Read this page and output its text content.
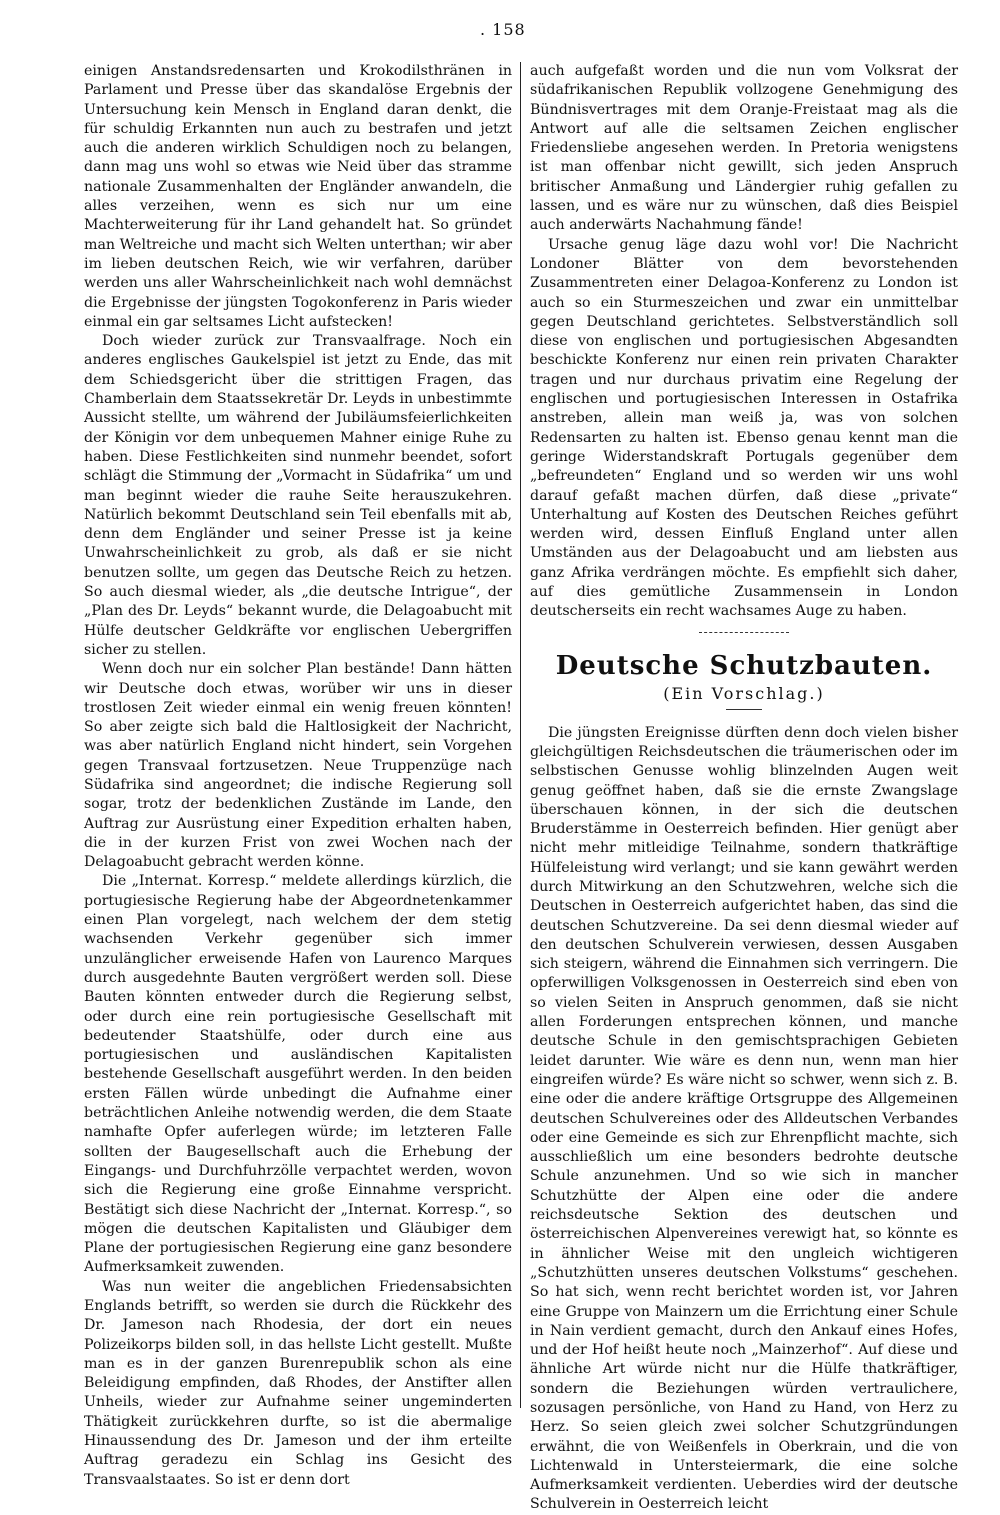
. 158

einigen Anstandsredensarten und Krokodilsthränen in Parlament und Presse über das skandalöse Ergebnis der Untersuchung kein Mensch in England daran denkt, die für schuldig Erkannten nun auch zu bestrafen und jetzt auch die anderen wirklich Schuldigen noch zu belangen, dann mag uns wohl so etwas wie Neid über das stramme nationale Zusammenhalten der Engländer anwandeln, die alles verzeihen, wenn es sich nur um eine Machterweiterung für ihr Land gehandelt hat. So gründet man Weltreiche und macht sich Welten unterthan; wir aber im lieben deutschen Reich, wie wir verfahren, darüber werden uns aller Wahrscheinlichkeit nach wohl demnächst die Ergebnisse der jüngsten Togokonferenz in Paris wieder einmal ein gar seltsames Licht aufstecken!

Doch wieder zurück zur Transvaalfrage. Noch ein anderes englisches Gaukelspiel ist jetzt zu Ende, das mit dem Schiedsgericht über die strittigen Fragen, das Chamberlain dem Staatssekretär Dr. Leyds in unbestimmte Aussicht stellte, um während der Jubiläumsfeierlichkeiten der Königin vor dem unbequemen Mahner einige Ruhe zu haben. Diese Festlichkeiten sind nunmehr beendet, sofort schlägt die Stimmung der „Vormacht in Südafrika“ um und man beginnt wieder die rauhe Seite herauszukehren. Natürlich bekommt Deutschland sein Teil ebenfalls mit ab, denn dem Engländer und seiner Presse ist ja keine Unwahrscheinlichkeit zu grob, als daß er sie nicht benutzen sollte, um gegen das Deutsche Reich zu hetzen. So auch diesmal wieder, als „die deutsche Intrigue“, der „Plan des Dr. Leyds“ bekannt wurde, die Delagoabucht mit Hülfe deutscher Geldkräfte vor englischen Uebergriffen sicher zu stellen.

Wenn doch nur ein solcher Plan bestände! Dann hätten wir Deutsche doch etwas, worüber wir uns in dieser trostlosen Zeit wieder einmal ein wenig freuen könnten! So aber zeigte sich bald die Haltlosigkeit der Nachricht, was aber natürlich England nicht hindert, sein Vorgehen gegen Transvaal fortzusetzen. Neue Truppenzüge nach Südafrika sind angeordnet; die indische Regierung soll sogar, trotz der bedenklichen Zustände im Lande, den Auftrag zur Ausrüstung einer Expedition erhalten haben, die in der kurzen Frist von zwei Wochen nach der Delagoabucht gebracht werden könne.

Die „Internat. Korresp.“ meldete allerdings kürzlich, die portugiesische Regierung habe der Abgeordnetenkammer einen Plan vorgelegt, nach welchem der dem stetig wachsenden Verkehr gegenüber sich immer unzulänglicher erweisende Hafen von Laurenco Marques durch ausgedehnte Bauten vergrößert werden soll. Diese Bauten könnten entweder durch die Regierung selbst, oder durch eine rein portugiesische Gesellschaft mit bedeutender Staatshülfe, oder durch eine aus portugiesischen und ausländischen Kapitalisten bestehende Gesellschaft ausgeführt werden. In den beiden ersten Fällen würde unbedingt die Aufnahme einer beträchtlichen Anleihe notwendig werden, die dem Staate namhafte Opfer auferlegen würde; im letzteren Falle sollten der Baugesellschaft auch die Erhebung der Eingangs- und Durchfuhrzölle verpachtet werden, wovon sich die Regierung eine große Einnahme verspricht. Bestätigt sich diese Nachricht der „Internat. Korresp.“, so mögen die deutschen Kapitalisten und Gläubiger dem Plane der portugiesischen Regierung eine ganz besondere Aufmerksamkeit zuwenden.

Was nun weiter die angeblichen Friedensabsichten Englands betrifft, so werden sie durch die Rückkehr des Dr. Jameson nach Rhodesia, der dort ein neues Polizeikorps bilden soll, in das hellste Licht gestellt. Mußte man es in der ganzen Burenrepublik schon als eine Beleidigung empfinden, daß Rhodes, der Anstifter allen Unheils, wieder zur Aufnahme seiner ungeminderten Thätigkeit zurückkehren durfte, so ist die abermalige Hinaussendung des Dr. Jameson und der ihm erteilte Auftrag geradezu ein Schlag ins Gesicht des Transvaalstaates. So ist er denn dort

auch aufgefaßt worden und die nun vom Volksrat der südafrikanischen Republik vollzogene Genehmigung des Bündnisvertrages mit dem Oranje-Freistaat mag als die Antwort auf alle die seltsamen Zeichen englischer Friedensliebe angesehen werden. In Pretoria wenigstens ist man offenbar nicht gewillt, sich jeden Anspruch britischer Anmaßung und Ländergier ruhig gefallen zu lassen, und es wäre nur zu wünschen, daß dies Beispiel auch anderwärts Nachahmung fände!

Ursache genug läge dazu wohl vor! Die Nachricht Londoner Blätter von dem bevorstehenden Zusammentreten einer Delagoa-Konferenz zu London ist auch so ein Sturmeszeichen und zwar ein unmittelbar gegen Deutschland gerichtetes. Selbstverständlich soll diese von englischen und portugiesischen Abgesandten beschickte Konferenz nur einen rein privaten Charakter tragen und nur durchaus privatim eine Regelung der englischen und portugiesischen Interessen in Ostafrika anstreben, allein man weiß ja, was von solchen Redensarten zu halten ist. Ebenso genau kennt man die geringe Widerstandskraft Portugals gegenüber dem „befreundeten“ England und so werden wir uns wohl darauf gefaßt machen dürfen, daß diese „private“ Unterhaltung auf Kosten des Deutschen Reiches geführt werden wird, dessen Einfluß England unter allen Umständen aus der Delagoabucht und am liebsten aus ganz Afrika verdrängen möchte. Es empfiehlt sich daher, auf dies gemütliche Zusammensein in London deutscherseits ein recht wachsames Auge zu haben.

Deutsche Schutzbauten.
(Ein Vorschlag.)

Die jüngsten Ereignisse dürften denn doch vielen bisher gleichgültigen Reichsdeutschen die träumerischen oder im selbstischen Genusse wohlig blinzelnden Augen weit genug geöffnet haben, daß sie die ernste Zwangslage überschauen können, in der sich die deutschen Bruderstämme in Oesterreich befinden. Hier genügt aber nicht mehr mitleidige Teilnahme, sondern thatkräftige Hülfeleistung wird verlangt; und sie kann gewährt werden durch Mitwirkung an den Schutzwehren, welche sich die Deutschen in Oesterreich aufgerichtet haben, das sind die deutschen Schutzvereine. Da sei denn diesmal wieder auf den deutschen Schulverein verwiesen, dessen Ausgaben sich steigern, während die Einnahmen sich verringern. Die opferwilligen Volksgenossen in Oesterreich sind eben von so vielen Seiten in Anspruch genommen, daß sie nicht allen Forderungen entsprechen können, und manche deutsche Schule in den gemischtsprachigen Gebieten leidet darunter. Wie wäre es denn nun, wenn man hier eingreifen würde? Es wäre nicht so schwer, wenn sich z. B. eine oder die andere kräftige Ortsgruppe des Allgemeinen deutschen Schulvereines oder des Alldeutschen Verbandes oder eine Gemeinde es sich zur Ehrenpflicht machte, sich ausschließlich um eine besonders bedrohte deutsche Schule anzunehmen. Und so wie sich in mancher Schutzhütte der Alpen eine oder die andere reichsdeutsche Sektion des deutschen und österreichischen Alpenvereines verewigt hat, so könnte es in ähnlicher Weise mit den ungleich wichtigeren „Schutzhütten unseres deutschen Volkstums“ geschehen. So hat sich, wenn recht berichtet worden ist, vor Jahren eine Gruppe von Mainzern um die Errichtung einer Schule in Nain verdient gemacht, durch den Ankauf eines Hofes, und der Hof heißt heute noch „Mainzerhof“. Auf diese und ähnliche Art würde nicht nur die Hülfe thatkräftiger, sondern die Beziehungen würden vertraulichere, sozusagen persönliche, von Hand zu Hand, von Herz zu Herz. So seien gleich zwei solcher Schutzgründungen erwähnt, die von Weißenfels in Oberkrain, und die von Lichtenwald in Untersteiermark, die eine solche Aufmerksamkeit verdienten. Ueberdies wird der deutsche Schulverein in Oesterreich leicht
